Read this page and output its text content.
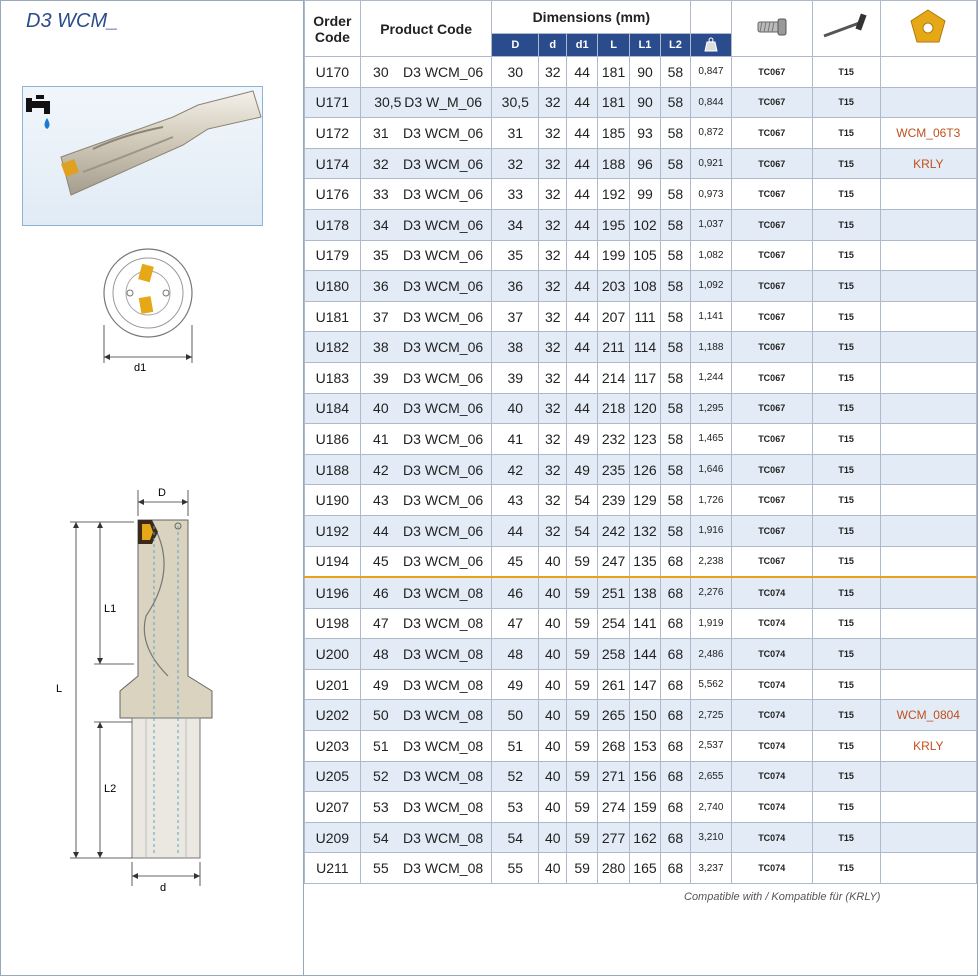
D3 WCM_
d1
D
L
L1
L2
d
Order Code	Product Code	Dimensions (mm)				
		D	d	d1	L	L1	L2	
U170	30 D3 WCM_06	30	32	44	181	90	58	0,847	TC067	T15	
U171	30,5 D3 W_M_06	30,5	32	44	181	90	58	0,844	TC067	T15	
U172	31 D3 WCM_06	31	32	44	185	93	58	0,872	TC067	T15	WCM_06T3
U174	32 D3 WCM_06	32	32	44	188	96	58	0,921	TC067	T15	KRLY
U176	33 D3 WCM_06	33	32	44	192	99	58	0,973	TC067	T15	
U178	34 D3 WCM_06	34	32	44	195	102	58	1,037	TC067	T15	
U179	35 D3 WCM_06	35	32	44	199	105	58	1,082	TC067	T15	
U180	36 D3 WCM_06	36	32	44	203	108	58	1,092	TC067	T15	
U181	37 D3 WCM_06	37	32	44	207	111	58	1,141	TC067	T15	
U182	38 D3 WCM_06	38	32	44	211	114	58	1,188	TC067	T15	
U183	39 D3 WCM_06	39	32	44	214	117	58	1,244	TC067	T15	
U184	40 D3 WCM_06	40	32	44	218	120	58	1,295	TC067	T15	
U186	41 D3 WCM_06	41	32	49	232	123	58	1,465	TC067	T15	
U188	42 D3 WCM_06	42	32	49	235	126	58	1,646	TC067	T15	
U190	43 D3 WCM_06	43	32	54	239	129	58	1,726	TC067	T15	
U192	44 D3 WCM_06	44	32	54	242	132	58	1,916	TC067	T15	
U194	45 D3 WCM_06	45	40	59	247	135	68	2,238	TC067	T15	
U196	46 D3 WCM_08	46	40	59	251	138	68	2,276	TC074	T15	
U198	47 D3 WCM_08	47	40	59	254	141	68	1,919	TC074	T15	
U200	48 D3 WCM_08	48	40	59	258	144	68	2,486	TC074	T15	
U201	49 D3 WCM_08	49	40	59	261	147	68	5,562	TC074	T15	
U202	50 D3 WCM_08	50	40	59	265	150	68	2,725	TC074	T15	WCM_0804
U203	51 D3 WCM_08	51	40	59	268	153	68	2,537	TC074	T15	KRLY
U205	52 D3 WCM_08	52	40	59	271	156	68	2,655	TC074	T15	
U207	53 D3 WCM_08	53	40	59	274	159	68	2,740	TC074	T15	
U209	54 D3 WCM_08	54	40	59	277	162	68	3,210	TC074	T15	
U211	55 D3 WCM_08	55	40	59	280	165	68	3,237	TC074	T15	
Compatible with / Kompatible für (KRLY)
